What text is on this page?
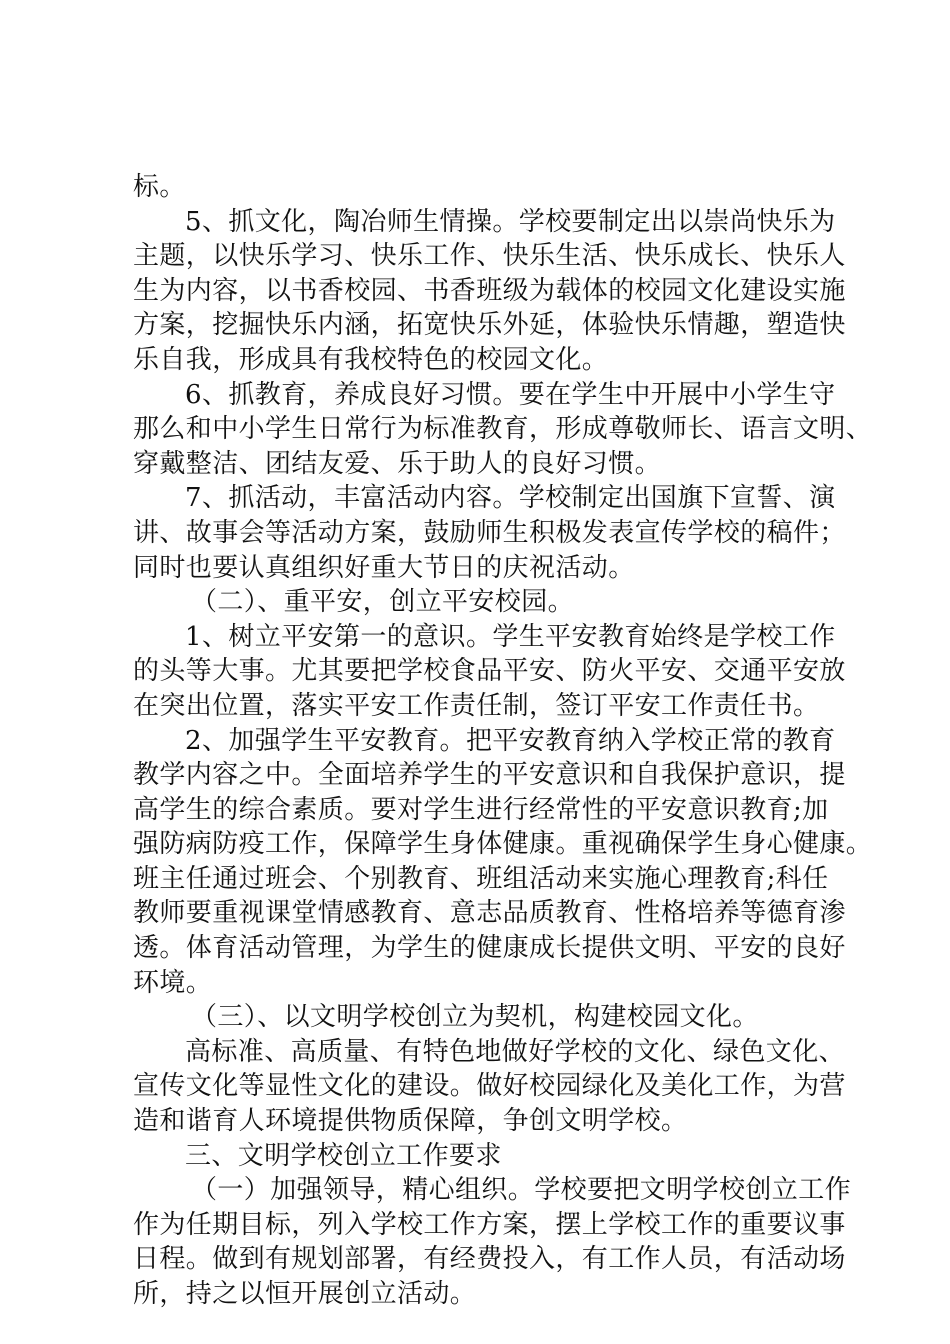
标。
5、抓文化，陶冶师生情操。学校要制定出以崇尚快乐为
主题，以快乐学习、快乐工作、快乐生活、快乐成长、快乐人
生为内容，以书香校园、书香班级为载体的校园文化建设实施
方案，挖掘快乐内涵，拓宽快乐外延，体验快乐情趣，塑造快
乐自我，形成具有我校特色的校园文化。
6、抓教育，养成良好习惯。要在学生中开展中小学生守
那么和中小学生日常行为标准教育，形成尊敬师长、语言文明、
穿戴整洁、团结友爱、乐于助人的良好习惯。
7、抓活动，丰富活动内容。学校制定出国旗下宣誓、演
讲、故事会等活动方案，鼓励师生积极发表宣传学校的稿件；
同时也要认真组织好重大节日的庆祝活动。
（二）、重平安，创立平安校园。
1、树立平安第一的意识。学生平安教育始终是学校工作
的头等大事。尤其要把学校食品平安、防火平安、交通平安放
在突出位置，落实平安工作责任制，签订平安工作责任书。
2、加强学生平安教育。把平安教育纳入学校正常的教育
教学内容之中。全面培养学生的平安意识和自我保护意识，提
高学生的综合素质。要对学生进行经常性的平安意识教育;加
强防病防疫工作，保障学生身体健康。重视确保学生身心健康。
班主任通过班会、个别教育、班组活动来实施心理教育;科任
教师要重视课堂情感教育、意志品质教育、性格培养等德育渗
透。体育活动管理，为学生的健康成长提供文明、平安的良好
环境。
（三）、以文明学校创立为契机，构建校园文化。
高标准、高质量、有特色地做好学校的文化、绿色文化、
宣传文化等显性文化的建设。做好校园绿化及美化工作，为营
造和谐育人环境提供物质保障，争创文明学校。
三、文明学校创立工作要求
（一）加强领导，精心组织。学校要把文明学校创立工作
作为任期目标，列入学校工作方案，摆上学校工作的重要议事
日程。做到有规划部署，有经费投入，有工作人员，有活动场
所，持之以恒开展创立活动。
